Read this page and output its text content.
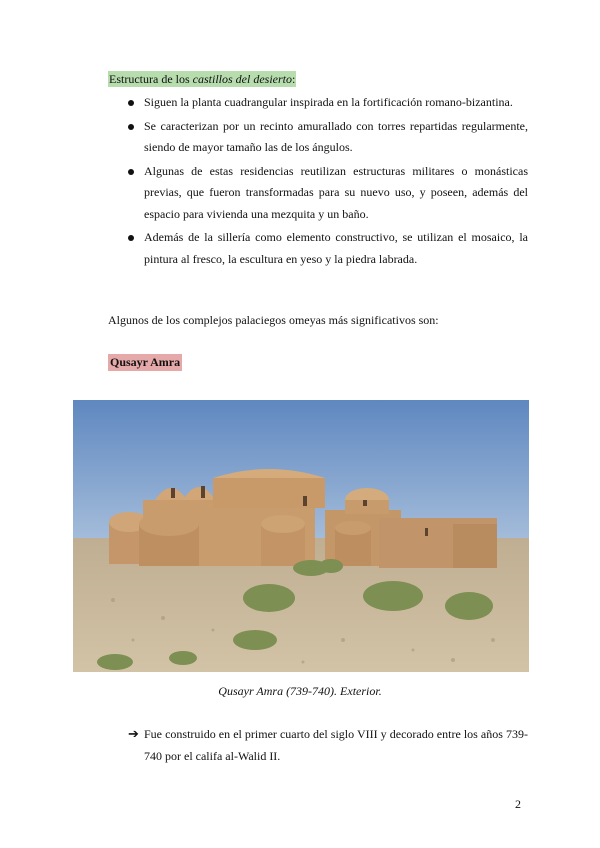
Estructura de los castillos del desierto:
Siguen la planta cuadrangular inspirada en la fortificación romano-bizantina.
Se caracterizan por un recinto amurallado con torres repartidas regularmente, siendo de mayor tamaño las de los ángulos.
Algunas de estas residencias reutilizan estructuras militares o monásticas previas, que fueron transformadas para su nuevo uso, y poseen, además del espacio para vivienda una mezquita y un baño.
Además de la sillería como elemento constructivo, se utilizan el mosaico, la pintura al fresco, la escultura en yeso y la piedra labrada.
Algunos de los complejos palaciegos omeyas más significativos son:
Qusayr Amra
Qusayr Amra (739-740). Exterior.
➔ Fue construido en el primer cuarto del siglo VIII y decorado entre los años 739-740 por el califa al-Walid II.
2
